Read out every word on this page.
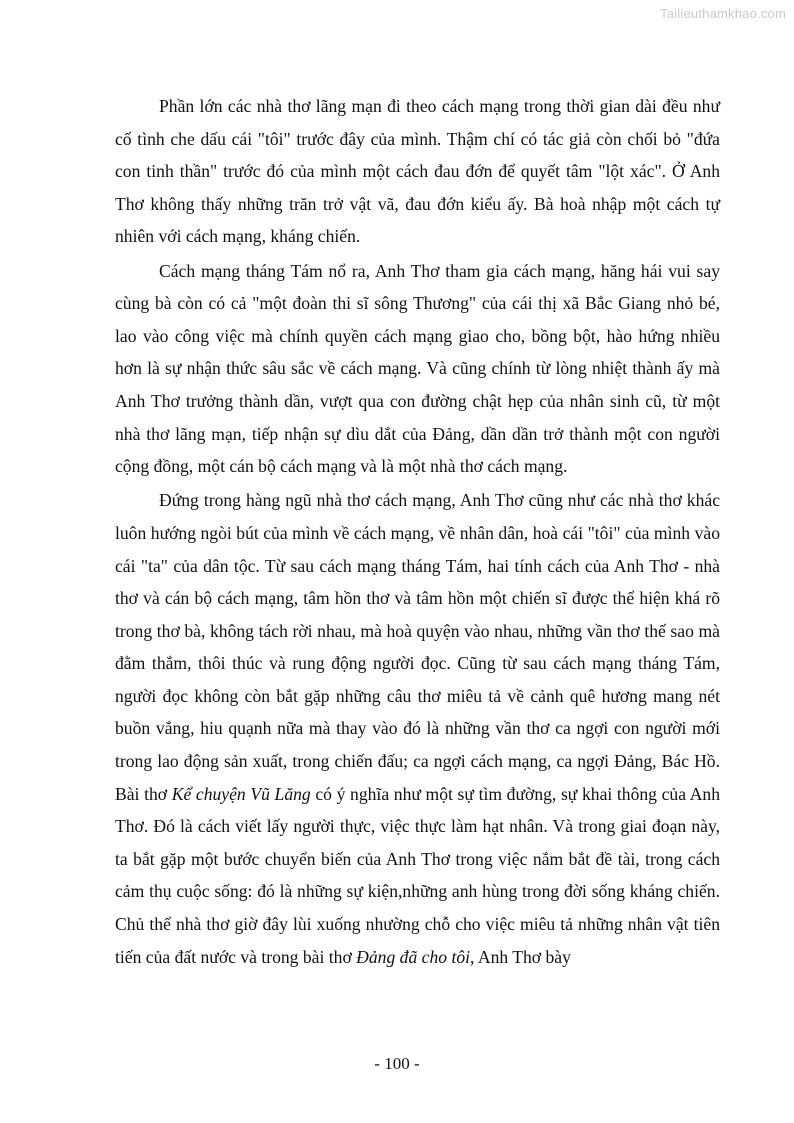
Tailieuthamkhao.com

Phần lớn các nhà thơ lãng mạn đi theo cách mạng trong thời gian dài đều như cố tình che dấu cái "tôi" trước đây của mình. Thậm chí có tác giả còn chối bỏ "đứa con tinh thần" trước đó của mình một cách đau đớn để quyết tâm "lột xác". Ở Anh Thơ không thấy những trăn trở vật vã, đau đớn kiểu ấy. Bà hoà nhập một cách tự nhiên với cách mạng, kháng chiến.

Cách mạng tháng Tám nổ ra, Anh Thơ tham gia cách mạng, hăng hái vui say cùng bà còn có cả "một đoàn thi sĩ sông Thương" của cái thị xã Bắc Giang nhỏ bé, lao vào công việc mà chính quyền cách mạng giao cho, bồng bột, hào hứng nhiều hơn là sự nhận thức sâu sắc về cách mạng. Và cũng chính từ lòng nhiệt thành ấy mà Anh Thơ trưởng thành dần, vượt qua con đường chật hẹp của nhân sinh cũ, từ một nhà thơ lãng mạn, tiếp nhận sự dìu dắt của Đảng, dần dần trở thành một con người cộng đồng, một cán bộ cách mạng và là một nhà thơ cách mạng.

Đứng trong hàng ngũ nhà thơ cách mạng, Anh Thơ cũng như các nhà thơ khác luôn hướng ngòi bút của mình về cách mạng, về nhân dân, hoà cái "tôi" của mình vào cái "ta" của dân tộc. Từ sau cách mạng tháng Tám, hai tính cách của Anh Thơ - nhà thơ và cán bộ cách mạng, tâm hồn thơ và tâm hồn một chiến sĩ được thể hiện khá rõ trong thơ bà, không tách rời nhau, mà hoà quyện vào nhau, những vần thơ thế sao mà đằm thắm, thôi thúc và rung động người đọc. Cũng từ sau cách mạng tháng Tám, người đọc không còn bắt gặp những câu thơ miêu tả về cảnh quê hương mang nét buồn vắng, hiu quạnh nữa mà thay vào đó là những vần thơ ca ngợi con người mới trong lao động sản xuất, trong chiến đấu; ca ngợi cách mạng, ca ngợi Đảng, Bác Hồ. Bài thơ Kể chuyện Vũ Lăng có ý nghĩa như một sự tìm đường, sự khai thông của Anh Thơ. Đó là cách viết lấy người thực, việc thực làm hạt nhân. Và trong giai đoạn này, ta bắt gặp một bước chuyển biến của Anh Thơ trong việc nắm bắt đề tài, trong cách cảm thụ cuộc sống: đó là những sự kiện,những anh hùng trong đời sống kháng chiến. Chủ thể nhà thơ giờ đây lùi xuống nhường chỗ cho việc miêu tả những nhân vật tiên tiến của đất nước và trong bài thơ Đảng đã cho tôi, Anh Thơ bày

- 100 -
